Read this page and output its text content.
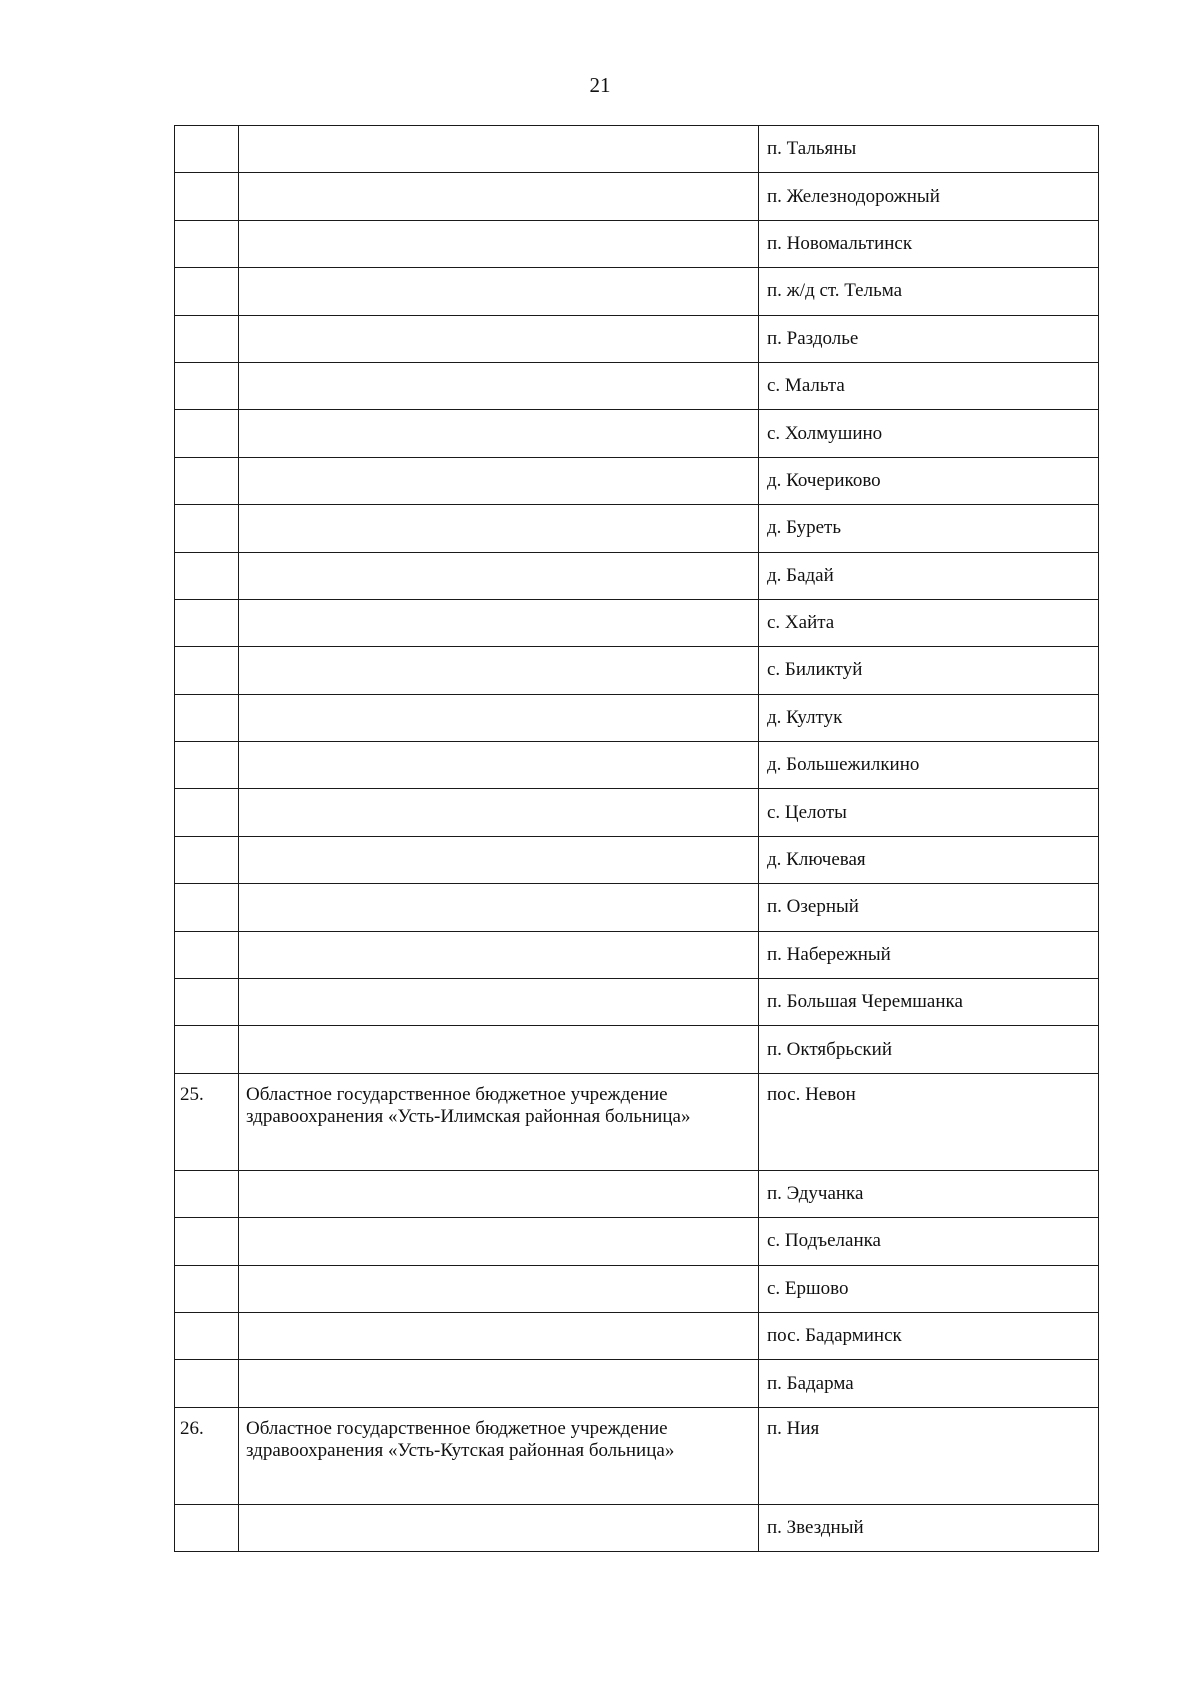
21
		п. Тальяны
		п. Железнодорожный
		п. Новомальтинск
		п. ж/д ст. Тельма
		п. Раздолье
		с. Мальта
		с. Холмушино
		д. Кочериково
		д. Буреть
		д. Бадай
		с. Хайта
		с. Биликтуй
		д. Култук
		д. Большежилкино
		с. Целоты
		д. Ключевая
		п. Озерный
		п. Набережный
		п. Большая Черемшанка
		п. Октябрьский
25.	Областное государственное бюджетное учреждение здравоохранения «Усть-Илимская районная больница»	пос. Невон
		п. Эдучанка
		с. Подъеланка
		с. Ершово
		пос. Бадарминск
		п. Бадарма
26.	Областное государственное бюджетное учреждение здравоохранения «Усть-Кутская районная больница»	п. Ния
		п. Звездный
